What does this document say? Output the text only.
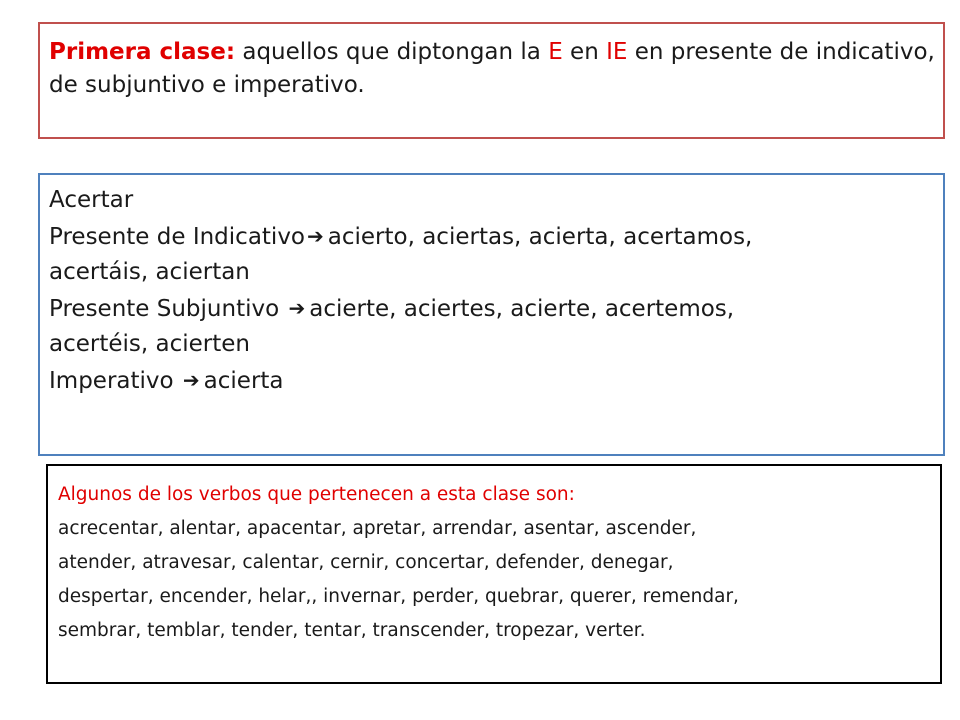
Primera clase: aquellos que diptongan la E en IE en presente de indicativo, de subjuntivo e imperativo.
Acertar
Presente de Indicativo ➔ acierto, aciertas, acierta, acertamos,
acertáis, aciertan
Presente Subjuntivo ➔ acierte, aciertes, acierte, acertemos,
acertéis, acierten
Imperativo ➔ acierta
Algunos de los verbos que pertenecen a esta clase son:
acrecentar, alentar, apacentar, apretar, arrendar, asentar, ascender,
atender, atravesar, calentar, cernir, concertar, defender, denegar,
despertar, encender, helar,, invernar, perder, quebrar, querer, remendar,
sembrar, temblar, tender, tentar, transcender, tropezar, verter.
